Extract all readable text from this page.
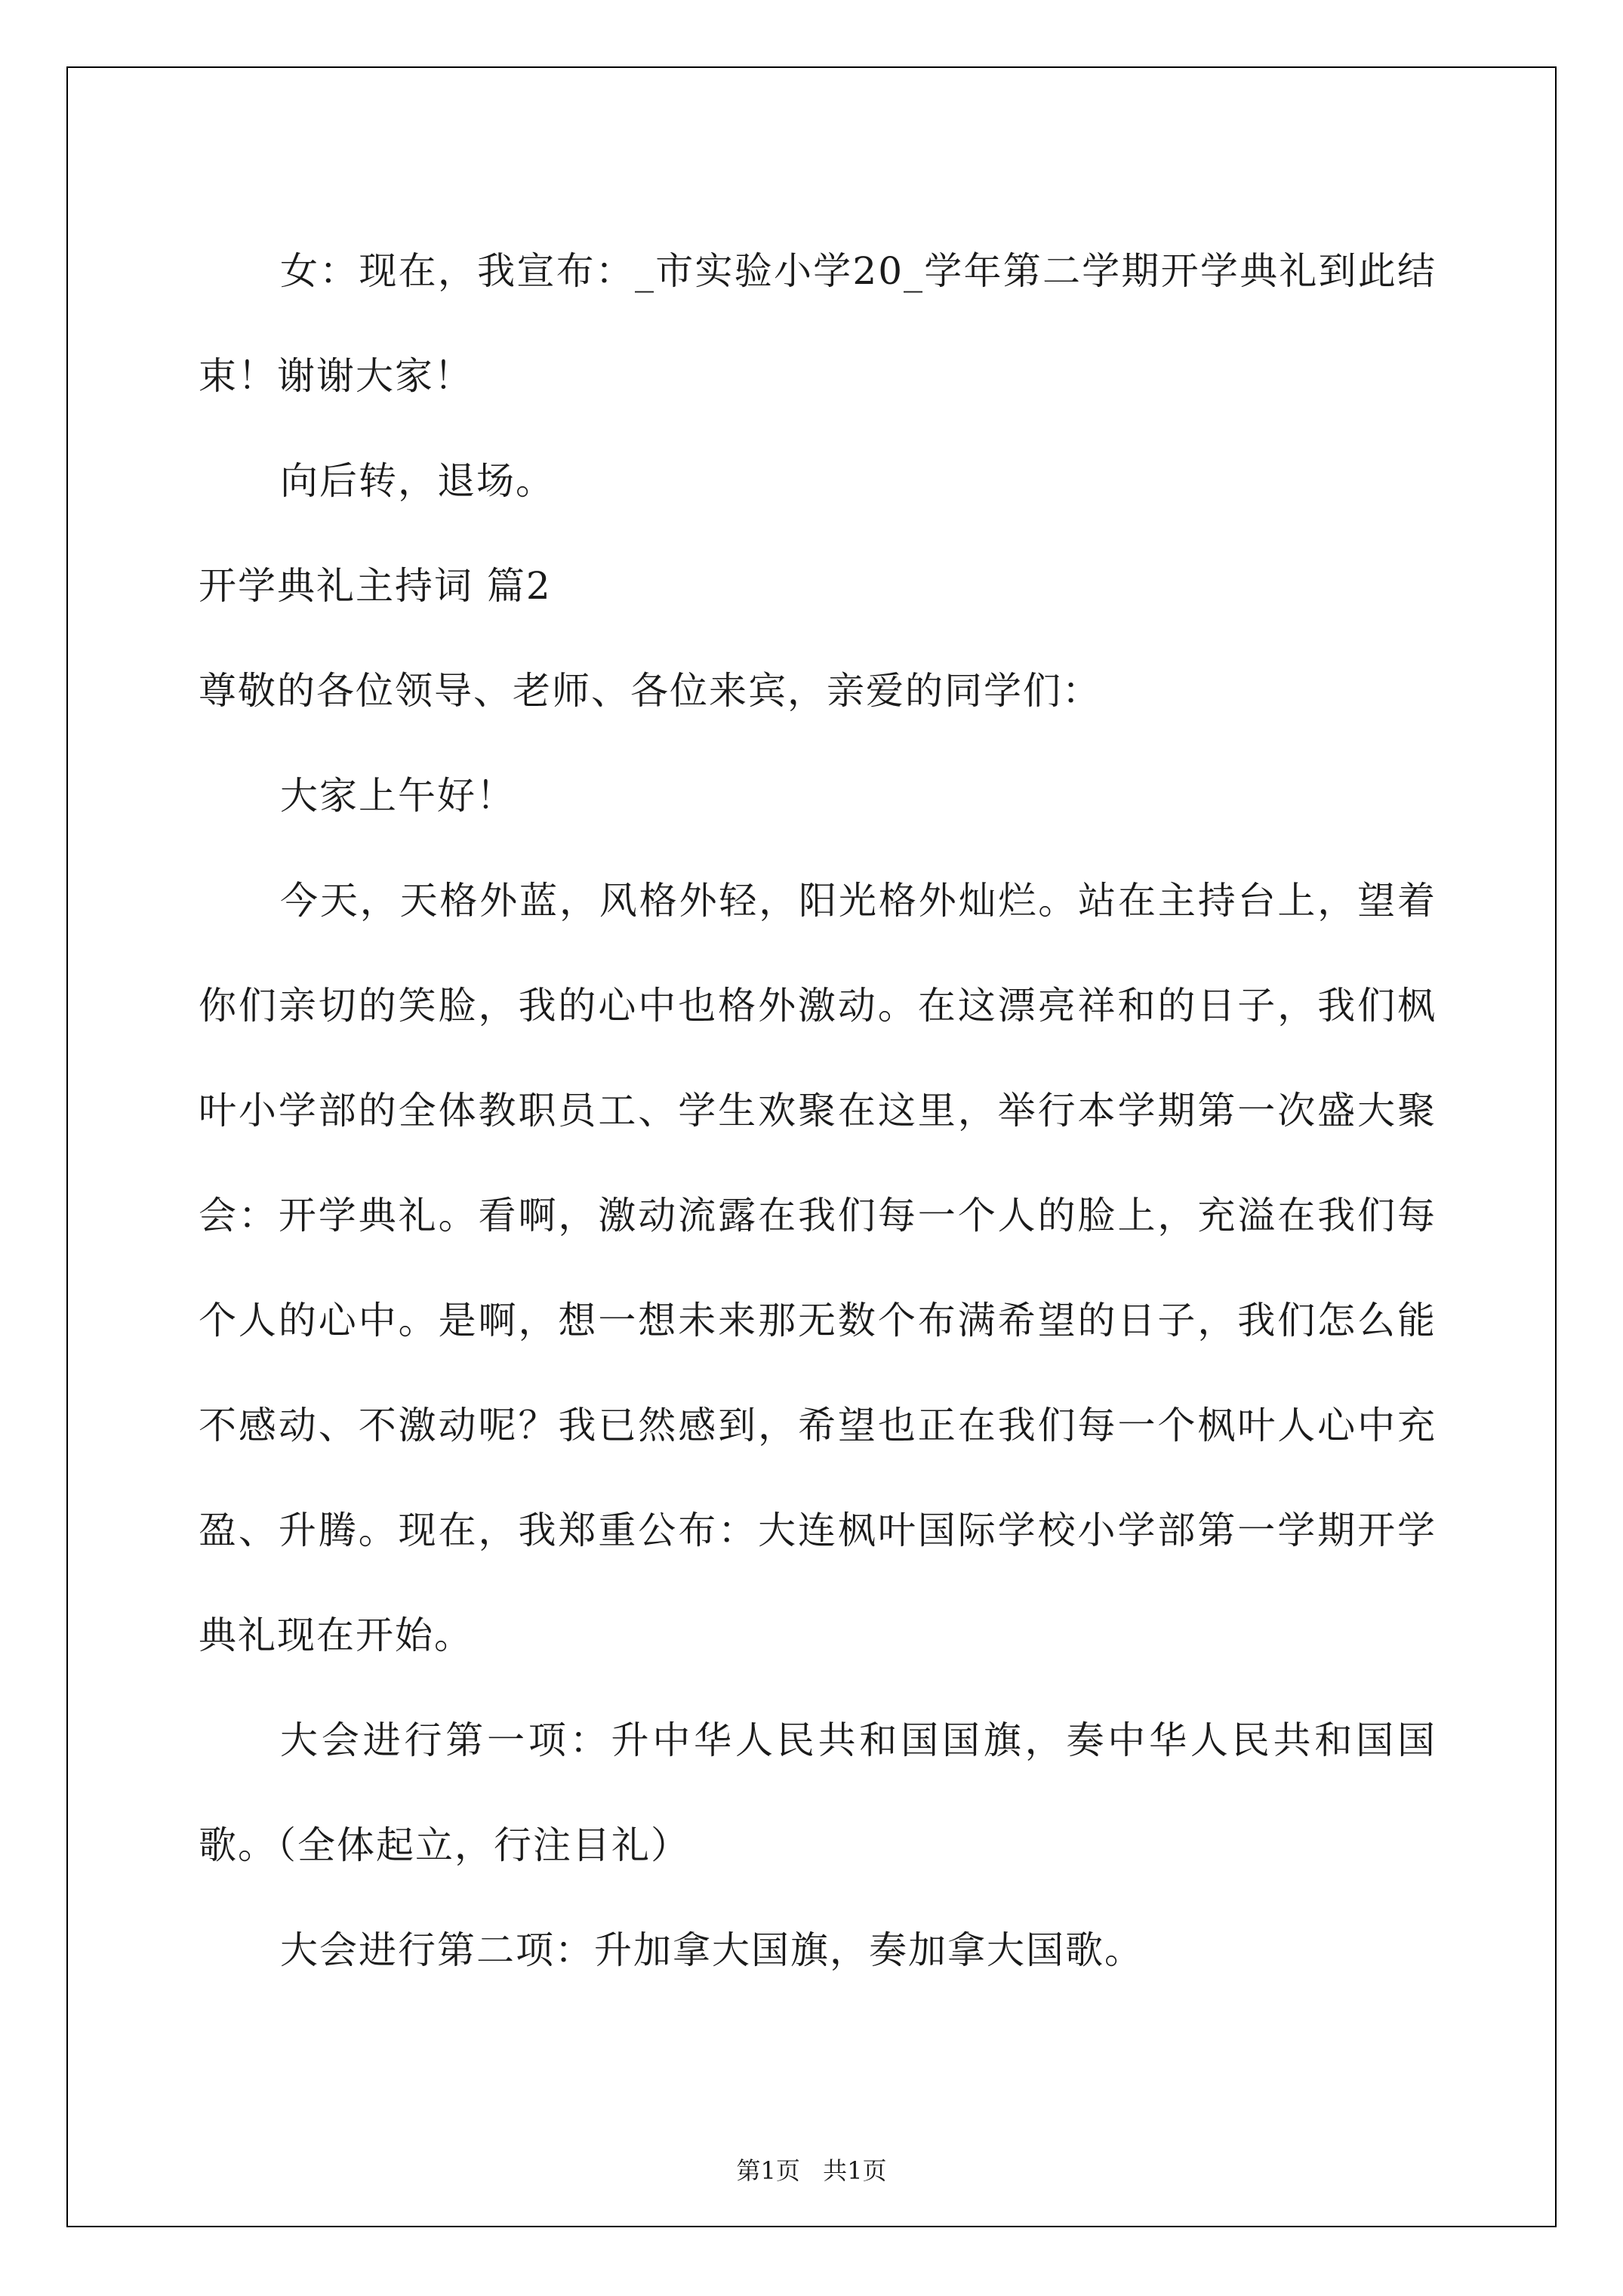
女：现在，我宣布：_市实验小学20_学年第二学期开学典礼到此结束！谢谢大家！

向后转，退场。

开学典礼主持词 篇2

尊敬的各位领导、老师、各位来宾，亲爱的同学们：

大家上午好！

今天，天格外蓝，风格外轻，阳光格外灿烂。站在主持台上，望着你们亲切的笑脸，我的心中也格外激动。在这漂亮祥和的日子，我们枫叶小学部的全体教职员工、学生欢聚在这里，举行本学期第一次盛大聚会：开学典礼。看啊，激动流露在我们每一个人的脸上，充溢在我们每个人的心中。是啊，想一想未来那无数个布满希望的日子，我们怎么能不感动、不激动呢？我已然感到，希望也正在我们每一个枫叶人心中充盈、升腾。现在，我郑重公布：大连枫叶国际学校小学部第一学期开学典礼现在开始。

大会进行第一项：升中华人民共和国国旗，奏中华人民共和国国歌。（全体起立，行注目礼）

大会进行第二项：升加拿大国旗，奏加拿大国歌。

第1页 共1页
